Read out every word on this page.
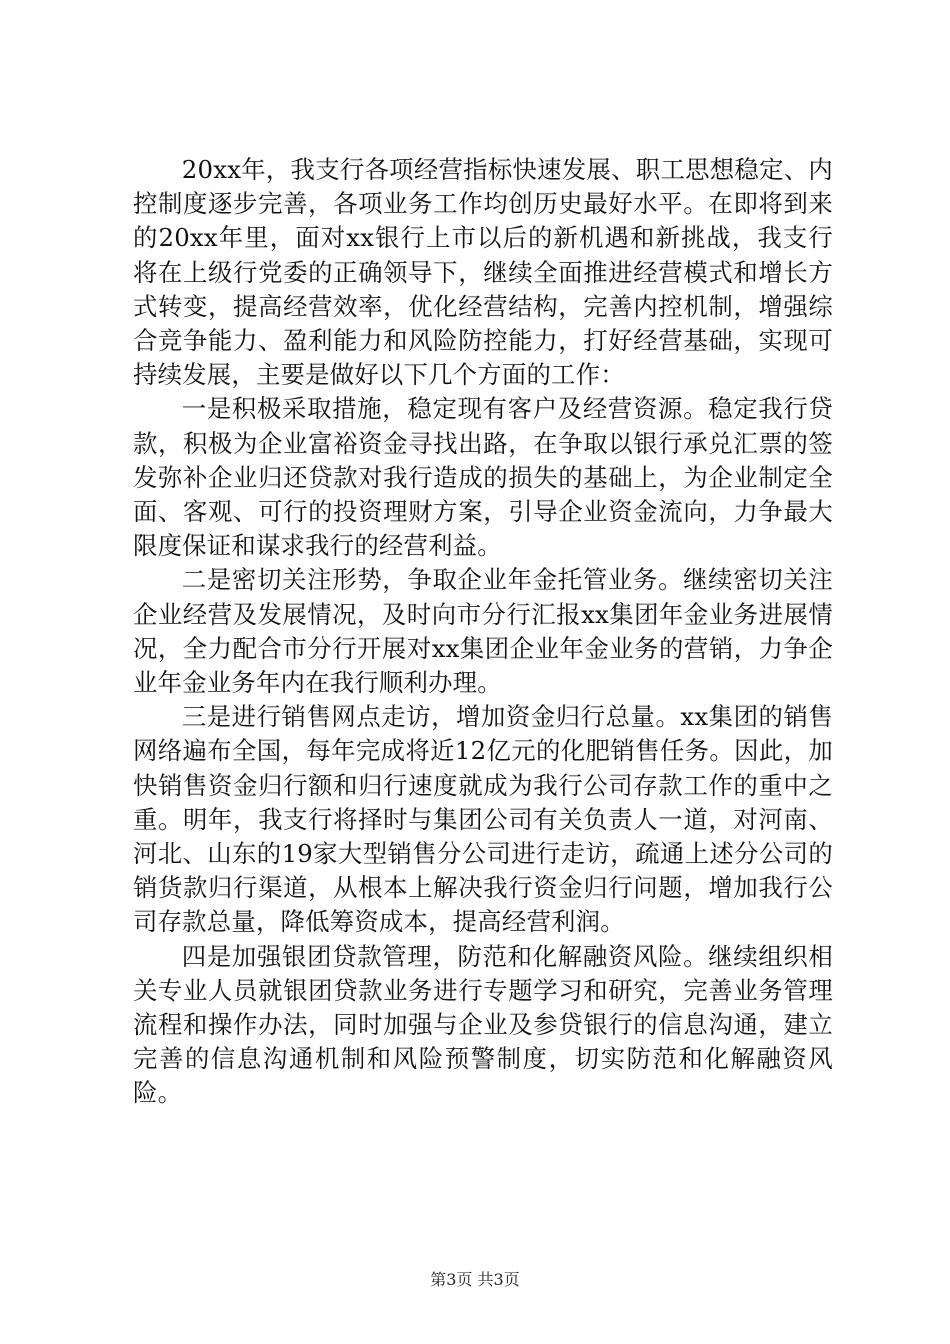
20xx年，我支行各项经营指标快速发展、职工思想稳定、内控制度逐步完善，各项业务工作均创历史最好水平。在即将到来的20xx年里，面对xx银行上市以后的新机遇和新挑战，我支行将在上级行党委的正确领导下，继续全面推进经营模式和增长方式转变，提高经营效率，优化经营结构，完善内控机制，增强综合竞争能力、盈利能力和风险防控能力，打好经营基础，实现可持续发展，主要是做好以下几个方面的工作：

一是积极采取措施，稳定现有客户及经营资源。稳定我行贷款，积极为企业富裕资金寻找出路，在争取以银行承兑汇票的签发弥补企业归还贷款对我行造成的损失的基础上，为企业制定全面、客观、可行的投资理财方案，引导企业资金流向，力争最大限度保证和谋求我行的经营利益。

二是密切关注形势，争取企业年金托管业务。继续密切关注企业经营及发展情况，及时向市分行汇报xx集团年金业务进展情况，全力配合市分行开展对xx集团企业年金业务的营销，力争企业年金业务年内在我行顺利办理。

三是进行销售网点走访，增加资金归行总量。xx集团的销售网络遍布全国，每年完成将近12亿元的化肥销售任务。因此，加快销售资金归行额和归行速度就成为我行公司存款工作的重中之重。明年，我支行将择时与集团公司有关负责人一道，对河南、河北、山东的19家大型销售分公司进行走访，疏通上述分公司的销货款归行渠道，从根本上解决我行资金归行问题，增加我行公司存款总量，降低筹资成本，提高经营利润。

四是加强银团贷款管理，防范和化解融资风险。继续组织相关专业人员就银团贷款业务进行专题学习和研究，完善业务管理流程和操作办法，同时加强与企业及参贷银行的信息沟通，建立完善的信息沟通机制和风险预警制度，切实防范和化解融资风险。

第3页 共3页
